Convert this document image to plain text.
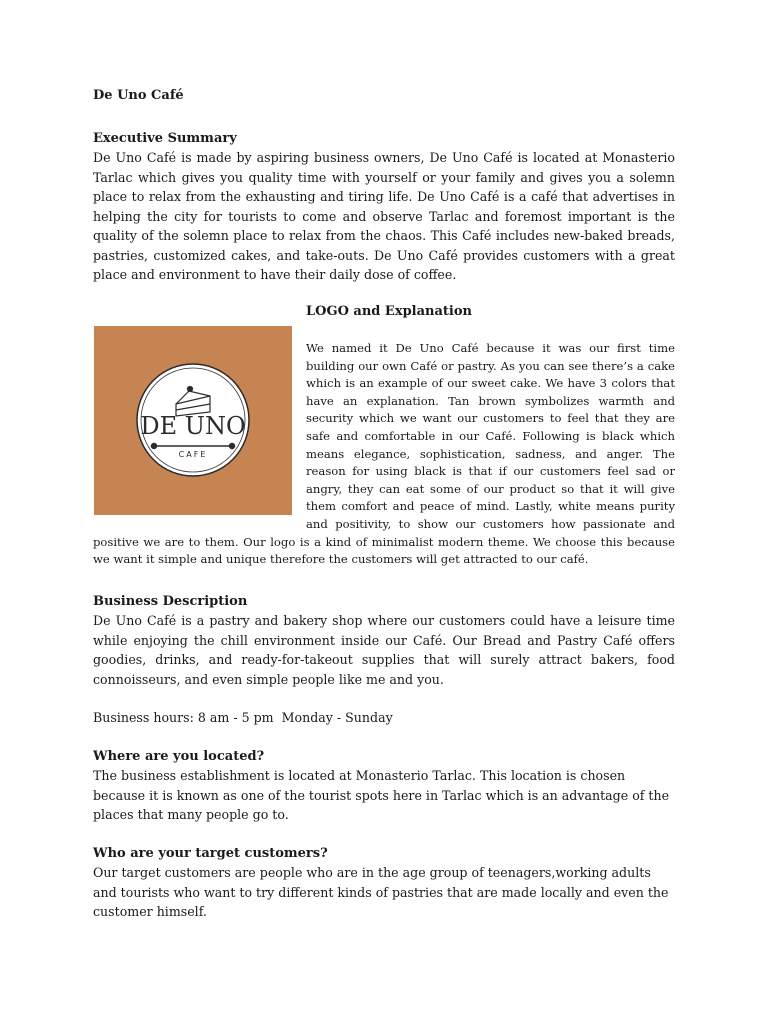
De Uno Café
Executive Summary

De Uno Café is made by aspiring business owners, De Uno Café is located at Monasterio Tarlac which gives you quality time with yourself or your family and gives you a solemn place to relax from the exhausting and tiring life. De Uno Café is a café that advertises in helping the city for tourists to come and observe Tarlac and foremost important is the quality of the solemn place to relax from the chaos. This Café includes new-baked breads, pastries, customized cakes, and take-outs. De Uno Café provides customers with a great place and environment to have their daily dose of coffee.

LOGO and Explanation
DE UNO
CAFE

We named it De Uno Café because it was our first time building our own Café or pastry. As you can see there’s a cake which is an example of our sweet cake. We have 3 colors that have an explanation. Tan brown symbolizes warmth and security which we want our customers to feel that they are safe and comfortable in our Café. Following is black which means elegance, sophistication, sadness, and anger. The reason for using black is that if our customers feel sad or angry, they can eat some of our product so that it will give them comfort and peace of mind. Lastly, white means purity and positivity, to show our customers how passionate and positive we are to them. Our logo is a kind of minimalist modern theme. We choose this because we want it simple and unique therefore the customers will get attracted to our café.

Business Description

De Uno Café is a pastry and bakery shop where our customers could have a leisure time while enjoying the chill environment inside our Café. Our Bread and Pastry Café offers goodies, drinks, and ready-for-takeout supplies that will surely attract bakers, food connoisseurs, and even simple people like me and you.

Business hours: 8 am - 5 pm  Monday - Sunday
Where are you located?

The business establishment is located at Monasterio Tarlac. This location is chosen because it is known as one of the tourist spots here in Tarlac which is an advantage of the places that many people go to.

Who are your target customers?

Our target customers are people who are in the age group of teenagers,working adults and tourists who want to try different kinds of pastries that are made locally and even the customer himself.
